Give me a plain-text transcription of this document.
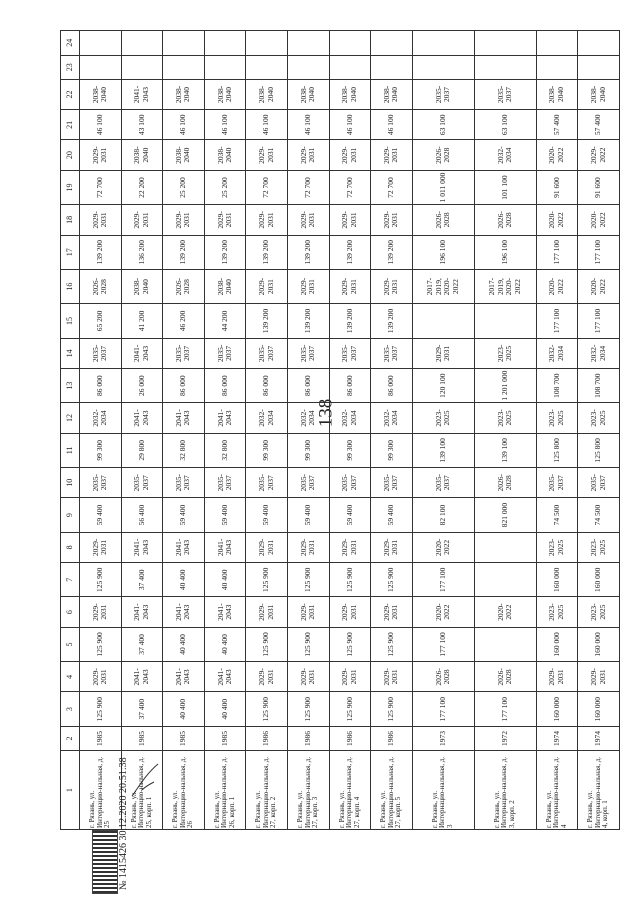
138
1	2	3	4	5	6	7	8	9	10	11	12	13	14	15	16	17	18	19	20	21	22	23	24
г. Рязань, ул. Интернацио-нальная, д. 25	1985	125 900	2029-2031	125 900	2029-2031	125 900	2029-2031	59 400	2035-2037	99 300	2032-2034	86 000	2035-2037	65 200	2026-2028	139 200	2029-2031	72 700	2029-2031	46 100	2038-2040		
г. Рязань, ул. Интернацио-нальная, д. 25, корп. 1	1985	37 400	2041-2043	37 400	2041-2043	37 400	2041-2043	56 400	2035-2037	29 800	2041-2043	26 000	2041-2043	41 200	2038-2040	136 200	2029-2031	22 200	2038-2040	43 100	2041-2043		
г. Рязань, ул. Интернацио-нальная, д. 26	1985	40 400	2041-2043	40 400	2041-2043	40 400	2041-2043	59 400	2035-2037	32 800	2041-2043	86 000	2035-2037	46 200	2026-2028	139 200	2029-2031	25 200	2038-2040	46 100	2038-2040		
г. Рязань, ул. Интернацио-нальная, д. 26, корп. 1	1985	40 400	2041-2043	40 400	2041-2043	40 400	2041-2043	59 400	2035-2037	32 800	2041-2043	86 000	2035-2037	44 200	2038-2040	139 200	2029-2031	25 200	2038-2040	46 100	2038-2040		
г. Рязань, ул. Интернацио-нальная, д. 27, корп. 2	1986	125 900	2029-2031	125 900	2029-2031	125 900	2029-2031	59 400	2035-2037	99 300	2032-2034	86 000	2035-2037	139 200	2029-2031	139 200	2029-2031	72 700	2029-2031	46 100	2038-2040		
г. Рязань, ул. Интернацио-нальная, д. 27, корп. 3	1986	125 900	2029-2031	125 900	2029-2031	125 900	2029-2031	59 400	2035-2037	99 300	2032-2034	86 000	2035-2037	139 200	2029-2031	139 200	2029-2031	72 700	2029-2031	46 100	2038-2040		
г. Рязань, ул. Интернацио-нальная, д. 27, корп. 4	1986	125 900	2029-2031	125 900	2029-2031	125 900	2029-2031	59 400	2035-2037	99 300	2032-2034	86 000	2035-2037	139 200	2029-2031	139 200	2029-2031	72 700	2029-2031	46 100	2038-2040		
г. Рязань, ул. Интернацио-нальная, д. 27, корп. 5	1986	125 900	2029-2031	125 900	2029-2031	125 900	2029-2031	59 400	2035-2037	99 300	2032-2034	86 000	2035-2037	139 200	2029-2031	139 200	2029-2031	72 700	2029-2031	46 100	2038-2040		
г. Рязань, ул. Интернацио-нальная, д. 3	1973	177 100	2026-2028	177 100	2020-2022	177 100	2020-2022	82 100	2035-2037	139 100	2023-2025	120 100	2029-2031		2017-2019, 2020-2022	196 100	2026-2028	1 011 000	2026-2028	63 100	2035-2037		
г. Рязань, ул. Интернацио-нальная, д. 3, корп. 2	1972	177 100	2026-2028		2020-2022			821 000	2026-2028	139 100	2023-2025	1 201 000	2023-2025		2017-2019, 2020-2022	196 100	2026-2028	101 100	2032-2034	63 100	2035-2037		
г. Рязань, ул. Интернацио-нальная, д. 4	1974	160 000	2029-2031	160 000	2023-2025	160 000	2023-2025	74 500	2035-2037	125 800	2023-2025	108 700	2032-2034	177 100	2020-2022	177 100	2020-2022	91 600	2020-2022	57 400	2038-2040		
г. Рязань, ул. Интернацио-нальная, д. 4, корп. 1	1974	160 000	2029-2031	160 000	2023-2025	160 000	2023-2025	74 500	2035-2037	125 800	2023-2025	108 700	2032-2034	177 100	2020-2022	177 100	2020-2022	91 600	2029-2022	57 400	2038-2040		
№ 1415426 30.12.2020 20:51:38
